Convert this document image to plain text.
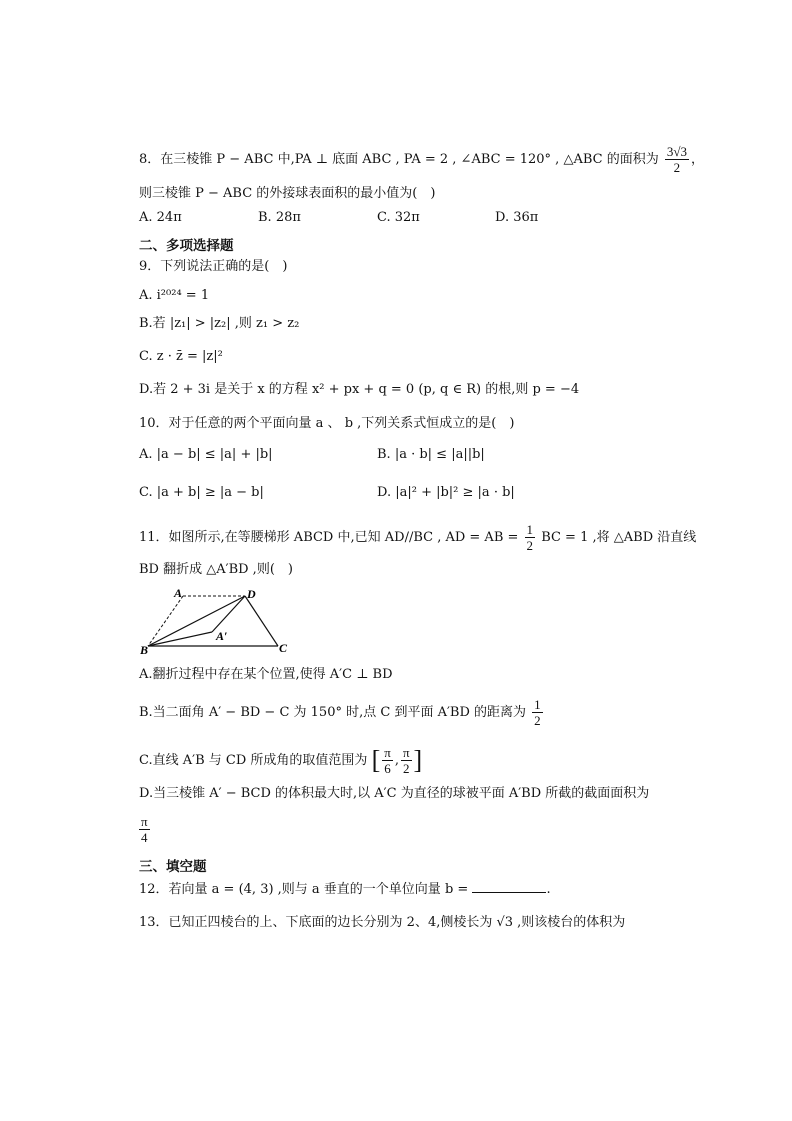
8．在三棱锥 P − ABC 中,PA ⊥ 底面 ABC , PA = 2 , ∠ABC = 120° , △ABC 的面积为 $\frac{3√3}{2}$ ，
则三棱锥 P − ABC 的外接球表面积的最小值为(　)
A. 24π	B. 28π	C. 32π	D. 36π
二、多项选择题
9．下列说法正确的是(　)
A. i²⁰²⁴ = 1
B.若 |z₁| > |z₂| ,则 z₁ > z₂
C. z · z̄ = |z|²
D.若 2 + 3i 是关于 x 的方程 x² + px + q = 0 (p, q ∈ R) 的根,则 p = −4
10．对于任意的两个平面向量 a 、 b ,下列关系式恒成立的是(　)
A. |a − b| ≤ |a| + |b|	B. |a · b| ≤ |a||b|
C. |a + b| ≥ |a − b|	D. |a|² + |b|² ≥ |a · b|
11．如图所示,在等腰梯形 ABCD 中,已知 AD//BC , AD = AB = $\frac{1}{2}$ BC = 1 ,将 △ABD 沿直线
BD 翻折成 △A′BD ,则(　)
A	D
A′
B	C
A.翻折过程中存在某个位置,使得 A′C ⊥ BD
B.当二面角 A′ − BD − C 为 150° 时,点 C 到平面 A′BD 的距离为 $\frac{1}{2}$
C.直线 A′B 与 CD 所成角的取值范围为 [ $\frac{\pi}{6}$ , $\frac{\pi}{2}$ ]
D.当三棱锥 A′ − BCD 的体积最大时,以 A′C 为直径的球被平面 A′BD 所截的截面面积为
$\frac{\pi}{4}$
三、填空题
12．若向量 a = (4, 3) ,则与 a 垂直的一个单位向量 b =	.
13．已知正四棱台的上、下底面的边长分别为 2、4,侧棱长为 √3 ,则该棱台的体积为
